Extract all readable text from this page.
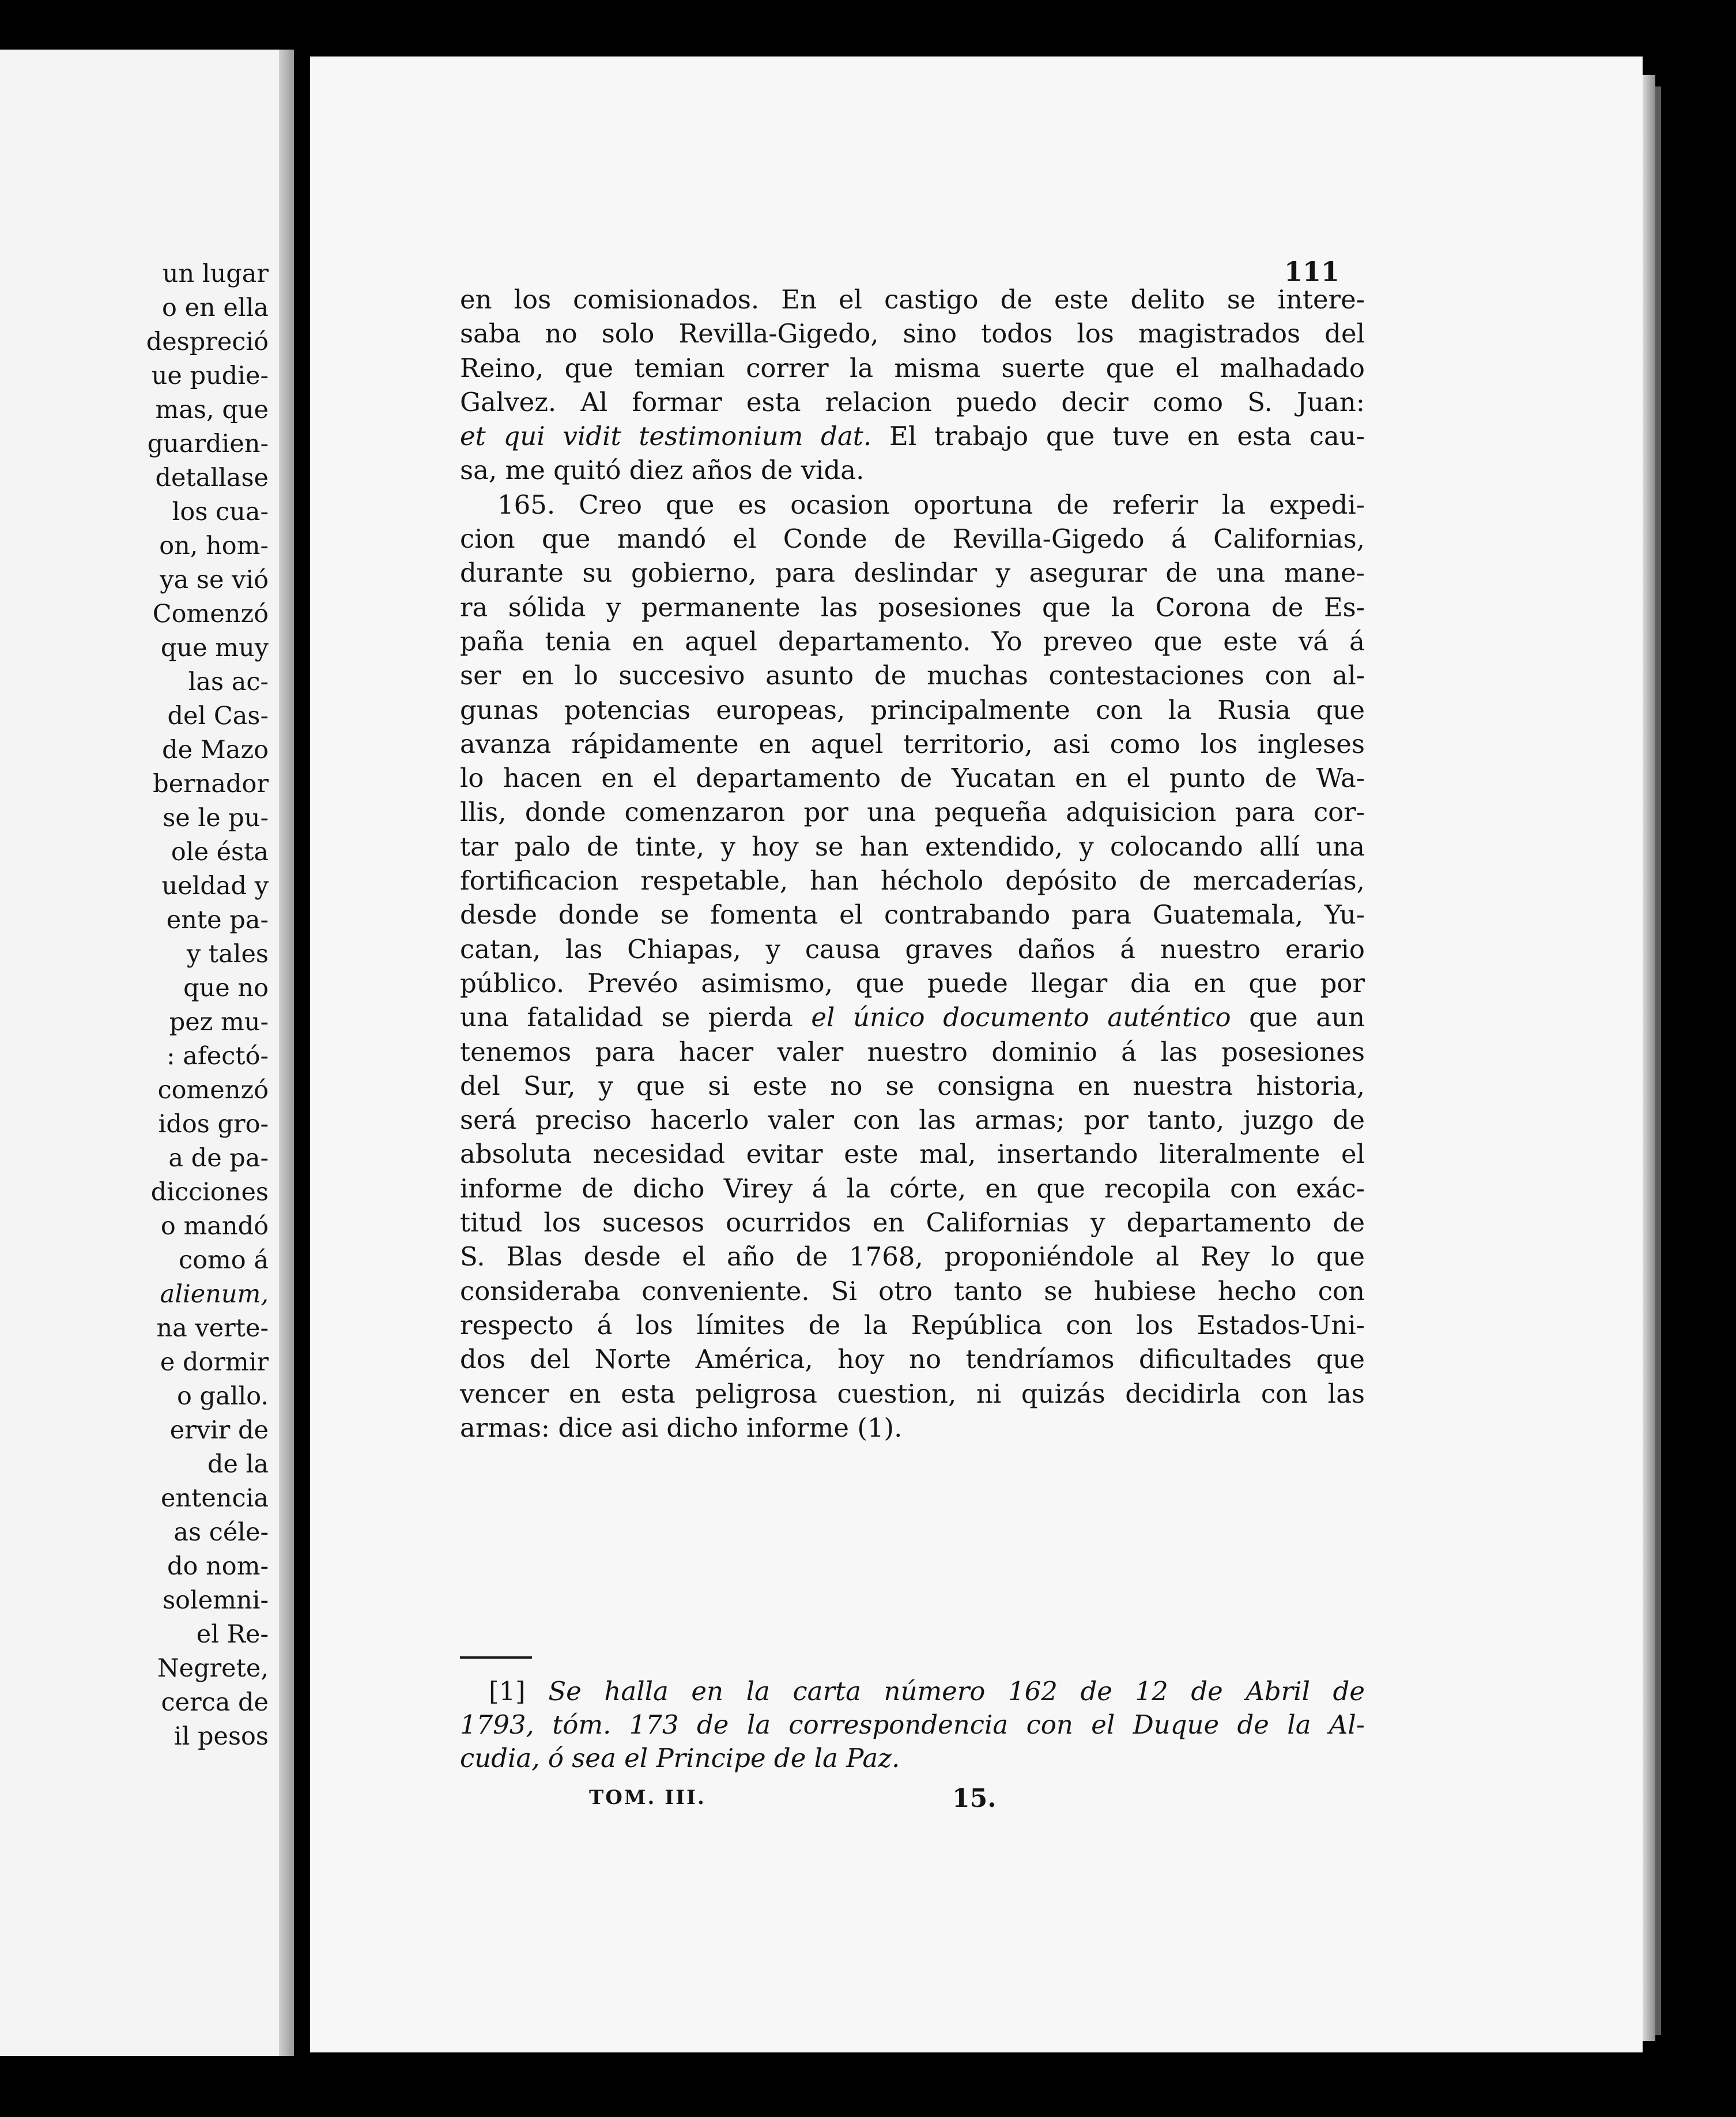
un lugar
o en ella
despreció
ue pudie-
mas, que
guardien-
detallase
los cua-
on, hom-
ya se vió
Comenzó
que muy
las ac-
del Cas-
de Mazo
bernador
se le pu-
ole ésta
ueldad y
ente pa-
y tales
que no
pez mu-
: afectó-
comenzó
idos gro-
a de pa-
dicciones
o mandó
como á
alienum,
na verte-
e dormir
o gallo.
ervir de
de la
entencia
as céle-
do nom-
solemni-
el Re-
Negrete,
cerca de
il pesos
111
en los comisionados. En el castigo de este delito se intere-
saba no solo Revilla-Gigedo, sino todos los magistrados del
Reino, que temian correr la misma suerte que el malhadado
Galvez. Al formar esta relacion puedo decir como S. Juan:
et qui vidit testimonium dat. El trabajo que tuve en esta cau-
sa, me quitó diez años de vida.
165. Creo que es ocasion oportuna de referir la expedi-
cion que mandó el Conde de Revilla-Gigedo á Californias,
durante su gobierno, para deslindar y asegurar de una mane-
ra sólida y permanente las posesiones que la Corona de Es-
paña tenia en aquel departamento. Yo preveo que este vá á
ser en lo succesivo asunto de muchas contestaciones con al-
gunas potencias europeas, principalmente con la Rusia que
avanza rápidamente en aquel territorio, asi como los ingleses
lo hacen en el departamento de Yucatan en el punto de Wa-
llis, donde comenzaron por una pequeña adquisicion para cor-
tar palo de tinte, y hoy se han extendido, y colocando allí una
fortificacion respetable, han hécholo depósito de mercaderías,
desde donde se fomenta el contrabando para Guatemala, Yu-
catan, las Chiapas, y causa graves daños á nuestro erario
público. Prevéo asimismo, que puede llegar dia en que por
una fatalidad se pierda el único documento auténtico que aun
tenemos para hacer valer nuestro dominio á las posesiones
del Sur, y que si este no se consigna en nuestra historia,
será preciso hacerlo valer con las armas; por tanto, juzgo de
absoluta necesidad evitar este mal, insertando literalmente el
informe de dicho Virey á la córte, en que recopila con exác-
titud los sucesos ocurridos en Californias y departamento de
S. Blas desde el año de 1768, proponiéndole al Rey lo que
consideraba conveniente. Si otro tanto se hubiese hecho con
respecto á los límites de la República con los Estados-Uni-
dos del Norte América, hoy no tendríamos dificultades que
vencer en esta peligrosa cuestion, ni quizás decidirla con las
armas: dice asi dicho informe (1).
[1] Se halla en la carta número 162 de 12 de Abril de
1793, tóm. 173 de la correspondencia con el Duque de la Al-
cudia, ó sea el Principe de la Paz.
TOM. III.	15.
